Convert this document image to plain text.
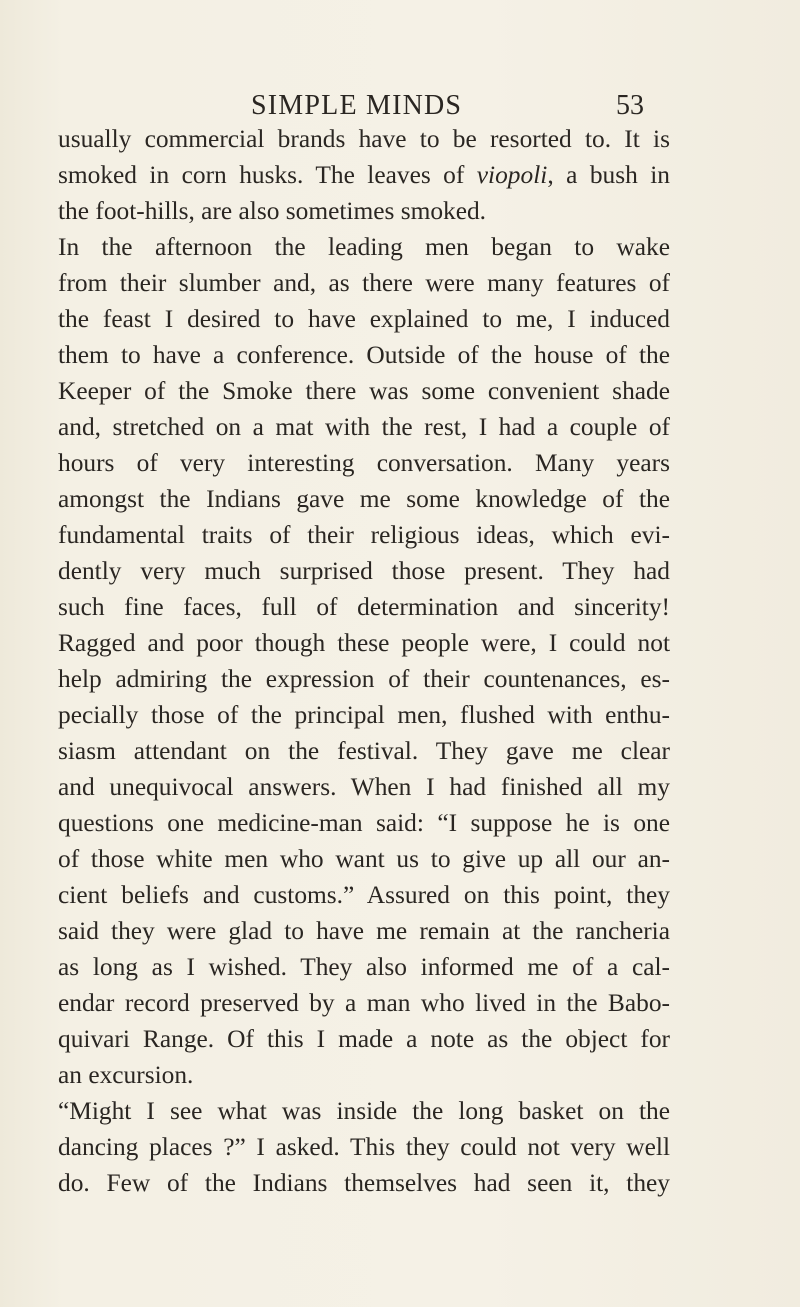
SIMPLE MINDS	53
usually commercial brands have to be resorted to. It is
smoked in corn husks. The leaves of viopoli, a bush in
the foot-hills, are also sometimes smoked.
In the afternoon the leading men began to wake
from their slumber and, as there were many features of
the feast I desired to have explained to me, I induced
them to have a conference. Outside of the house of the
Keeper of the Smoke there was some convenient shade
and, stretched on a mat with the rest, I had a couple of
hours of very interesting conversation. Many years
amongst the Indians gave me some knowledge of the
fundamental traits of their religious ideas, which evi-
dently very much surprised those present. They had
such fine faces, full of determination and sincerity!
Ragged and poor though these people were, I could not
help admiring the expression of their countenances, es-
pecially those of the principal men, flushed with enthu-
siasm attendant on the festival. They gave me clear
and unequivocal answers. When I had finished all my
questions one medicine-man said: “I suppose he is one
of those white men who want us to give up all our an-
cient beliefs and customs.” Assured on this point, they
said they were glad to have me remain at the rancheria
as long as I wished. They also informed me of a cal-
endar record preserved by a man who lived in the Babo-
quivari Range. Of this I made a note as the object for
an excursion.
“Might I see what was inside the long basket on the
dancing places ?” I asked. This they could not very well
do. Few of the Indians themselves had seen it, they
